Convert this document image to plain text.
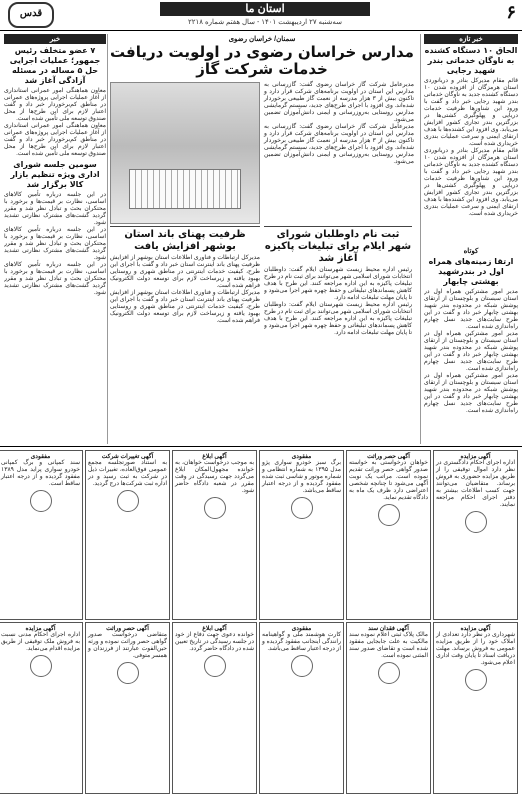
۶
استان ما
سه‌شنبه ۲۷ اردیبهشت ۱۴۰۱ - سال هفتم شماره ۲۲۱۸
قدس
خبر تازه
الحاق ۱۰ دستگاه کشنده به ناوگان خدماتی بندر شهید رجایی
قائم مقام مدیرکل بنادر و دریانوردی استان هرمزگان از افزوده شدن ۱۰ دستگاه کشنده جدید به ناوگان خدماتی بندر شهید رجایی خبر داد و گفت با ورود این شناورها ظرفیت خدمات دریایی و پهلوگیری کشتی‌ها در بزرگترین بندر تجاری کشور افزایش می‌یابد. وی افزود این کشنده‌ها با هدف ارتقای ایمنی و سرعت عملیات بندری خریداری شده است.
قائم مقام مدیرکل بنادر و دریانوردی استان هرمزگان از افزوده شدن ۱۰ دستگاه کشنده جدید به ناوگان خدماتی بندر شهید رجایی خبر داد و گفت با ورود این شناورها ظرفیت خدمات دریایی و پهلوگیری کشتی‌ها در بزرگترین بندر تجاری کشور افزایش می‌یابد. وی افزود این کشنده‌ها با هدف ارتقای ایمنی و سرعت عملیات بندری خریداری شده است.
کوتاه
ارتقا زمینه‌های همراه اول در بندرشهید بهشتی چابهار
مدیر امور مشترکین همراه اول در استان سیستان و بلوچستان از ارتقای پوشش شبکه در محدوده بندر شهید بهشتی چابهار خبر داد و گفت در این طرح سایت‌های جدید نسل چهارم راه‌اندازی شده است.
مدیر امور مشترکین همراه اول در استان سیستان و بلوچستان از ارتقای پوشش شبکه در محدوده بندر شهید بهشتی چابهار خبر داد و گفت در این طرح سایت‌های جدید نسل چهارم راه‌اندازی شده است.
مدیر امور مشترکین همراه اول در استان سیستان و بلوچستان از ارتقای پوشش شبکه در محدوده بندر شهید بهشتی چابهار خبر داد و گفت در این طرح سایت‌های جدید نسل چهارم راه‌اندازی شده است.
سمنان/ خراسان رضوی
مدارس خراسان رضوی در اولویت دریافت خدمات شرکت گاز
مدیرعامل شرکت گاز خراسان رضوی گفت: گازرسانی به مدارس این استان در اولویت برنامه‌های شرکت قرار دارد و تاکنون بیش از ۳ هزار مدرسه از نعمت گاز طبیعی برخوردار شده‌اند. وی افزود با اجرای طرح‌های جدید، سیستم گرمایشی مدارس روستایی به‌روزرسانی و ایمنی دانش‌آموزان تضمین می‌شود.
مدیرعامل شرکت گاز خراسان رضوی گفت: گازرسانی به مدارس این استان در اولویت برنامه‌های شرکت قرار دارد و تاکنون بیش از ۳ هزار مدرسه از نعمت گاز طبیعی برخوردار شده‌اند. وی افزود با اجرای طرح‌های جدید، سیستم گرمایشی مدارس روستایی به‌روزرسانی و ایمنی دانش‌آموزان تضمین می‌شود.
خبر
۷ عضو متخلف رئیس جمهور؛ عملیات اجرایی حل ۵ مساله در مسئله آزادگی آغاز شد
معاون هماهنگی امور عمرانی استانداری از آغاز عملیات اجرایی پروژه‌های عمرانی در مناطق کم‌برخوردار خبر داد و گفت اعتبار لازم برای این طرح‌ها از محل صندوق توسعه ملی تأمین شده است.
معاون هماهنگی امور عمرانی استانداری از آغاز عملیات اجرایی پروژه‌های عمرانی در مناطق کم‌برخوردار خبر داد و گفت اعتبار لازم برای این طرح‌ها از محل صندوق توسعه ملی تأمین شده است.
سومین جلسه شورای اداری ویژه تنظیم بازار کالا برگزار شد
در این جلسه درباره تأمین کالاهای اساسی، نظارت بر قیمت‌ها و برخورد با محتکران بحث و تبادل نظر شد و مقرر گردید گشت‌های مشترک نظارتی تشدید شود.
در این جلسه درباره تأمین کالاهای اساسی، نظارت بر قیمت‌ها و برخورد با محتکران بحث و تبادل نظر شد و مقرر گردید گشت‌های مشترک نظارتی تشدید شود.
در این جلسه درباره تأمین کالاهای اساسی، نظارت بر قیمت‌ها و برخورد با محتکران بحث و تبادل نظر شد و مقرر گردید گشت‌های مشترک نظارتی تشدید شود.
ثبت نام داوطلبان شورای شهر ایلام برای تبلیغات پاکیزه آغاز شد
رئیس اداره محیط زیست شهرستان ایلام گفت: داوطلبان انتخابات شورای اسلامی شهر می‌توانند برای ثبت نام در طرح تبلیغات پاکیزه به این اداره مراجعه کنند. این طرح با هدف کاهش پسماندهای تبلیغاتی و حفظ چهره شهر اجرا می‌شود و تا پایان مهلت تبلیغات ادامه دارد.
رئیس اداره محیط زیست شهرستان ایلام گفت: داوطلبان انتخابات شورای اسلامی شهر می‌توانند برای ثبت نام در طرح تبلیغات پاکیزه به این اداره مراجعه کنند. این طرح با هدف کاهش پسماندهای تبلیغاتی و حفظ چهره شهر اجرا می‌شود و تا پایان مهلت تبلیغات ادامه دارد.
ظرفیت پهنای باند استان بوشهر افزایش یافت
مدیرکل ارتباطات و فناوری اطلاعات استان بوشهر از افزایش ظرفیت پهنای باند اینترنت استان خبر داد و گفت با اجرای این طرح، کیفیت خدمات اینترنتی در مناطق شهری و روستایی بهبود یافته و زیرساخت لازم برای توسعه دولت الکترونیک فراهم شده است.
مدیرکل ارتباطات و فناوری اطلاعات استان بوشهر از افزایش ظرفیت پهنای باند اینترنت استان خبر داد و گفت با اجرای این طرح، کیفیت خدمات اینترنتی در مناطق شهری و روستایی بهبود یافته و زیرساخت لازم برای توسعه دولت الکترونیک فراهم شده است.
آگهی مزایده
اداره اجرای احکام دادگستری در نظر دارد اموال توقیفی را از طریق مزایده حضوری به فروش برساند. متقاضیان می‌توانند جهت کسب اطلاعات بیشتر به دفتر اجرای احکام مراجعه نمایند.
آگهی حصر وراثت
خواهان درخواستی به خواسته صدور گواهی حصر وراثت تقدیم نموده است. مراتب یک نوبت آگهی می‌شود تا چنانچه شخصی اعتراضی دارد ظرف یک ماه به دادگاه تقدیم نماید.
مفقودی
برگ سبز خودرو سواری پژو مدل ۱۳۹۵ به شماره انتظامی و شماره موتور و شاسی ثبت شده مفقود گردیده و از درجه اعتبار ساقط می‌باشد.
آگهی ابلاغ
به موجب درخواست خواهان، به خوانده مجهول‌المکان ابلاغ می‌گردد جهت رسیدگی در وقت مقرر در شعبه دادگاه حاضر شود.
آگهی تغییرات شرکت
به استناد صورتجلسه مجمع عمومی فوق‌العاده، تغییرات ذیل در شرکت به ثبت رسید و در اداره ثبت شرکت‌ها درج گردید.
مفقودی
سند کمپانی و برگ کمپانی خودرو سواری پراید مدل ۱۳۸۹ مفقود گردیده و از درجه اعتبار ساقط است.
آگهی مزایده
شهرداری در نظر دارد تعدادی از املاک خود را از طریق مزایده عمومی به فروش برساند. مهلت دریافت اسناد تا پایان وقت اداری اعلام می‌شود.
آگهی فقدان سند
مالک پلاک ثبتی اعلام نموده سند مالکیت به علت جابجایی مفقود شده است و تقاضای صدور سند المثنی نموده است.
مفقودی
کارت هوشمند ملی و گواهینامه رانندگی اینجانب مفقود گردیده و از درجه اعتبار ساقط می‌باشد.
آگهی ابلاغ
خوانده دعوی جهت دفاع از خود در جلسه رسیدگی در تاریخ تعیین شده در دادگاه حاضر گردد.
آگهی حصر وراثت
متقاضی درخواست صدور گواهی حصر وراثت نموده و ورثه حین‌الفوت عبارتند از فرزندان و همسر متوفی.
آگهی مزایده
اداره اجرای احکام مدنی نسبت به فروش ملک توقیفی از طریق مزایده اقدام می‌نماید.
